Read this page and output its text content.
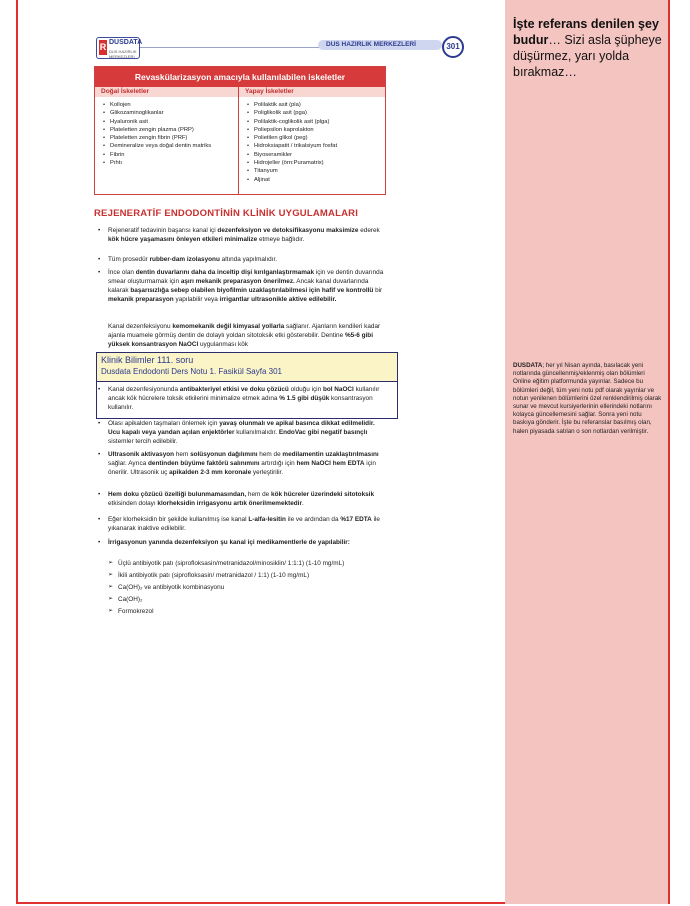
İşte referans denilen şey budur… Sizi asla şüpheye düşürmez, yarı yolda bırakmaz…
DUSDATA; her yıl Nisan ayında, basılacak yeni notlarında güncellenmiş/eklenmiş olan bölümleri Online eğitim platformunda yayınlar. Sadece bu bölümleri değil, tüm yeni notu pdf olarak yayınlar ve notun yenilenen bölümlerini özel renklendirilmiş olarak sunar ve mevcut kursiyerlerinin ellerindeki notlarını kolayca güncellemesini sağlar. Sonra yeni notu baskıya gönderir. İşte bu referanslar basılmış olan, halen piyasada satılan o son notlardan verilmiştir.
R DUSDATA
DUS HAZIRLIK MERKEZLERİ
DUS HAZIRLIK MERKEZLERİ	301
Revaskülarizasyon amacıyla kullanılabilen iskeletler
Doğal İskeletler	Yapay İskeletler
• Kollojen
• Glikozaminoglikanlar
• Hyaluronik asit
• Plateletten zengin plazma (PRP)
• Plateletten zengin fibrin (PRF)
• Demineralize veya doğal dentin matriks
• Fibrin
• Pıhtı
• Polilaktik asit (pla)
• Poliglikolik asit (pga)
• Polilaktik-coglikolik asit (plga)
• Poliepsilon kaprolakton
• Polietilen glikol (peg)
• Hidroksiapatit / trikalsiyum fosfat
• Biyoseramikler
• Hidrojeller (örn:Puramatrix)
• Titanyum
• Aljinat
REJENERATİF ENDODONTİNİN KLİNİK UYGULAMALARI
• Rejeneratif tedavinin başarısı kanal içi dezenfeksiyon ve detoksifikasyonu maksimize ederek kök hücre yaşamasını önleyen etkileri minimalize etmeye bağlıdır.
• Tüm prosedür rubber-dam izolasyonu altında yapılmalıdır.
• İnce olan dentin duvarlarını daha da inceltip dişi kırılganlaştırmamak için ve dentin duvarında smear oluşturmamak için aşırı mekanik preparasyon önerilmez. Ancak kanal duvarlarında kalarak başarısızlığa sebep olabilen biyofilmin uzaklaştırılabilmesi için hafif ve kontrollü bir mekanik preparasyon yapılabilir veya irrigantlar ultrasonikle aktive edilebilir.
• Kanal dezenfeksiyonu kemomekanik değil kimyasal yollarla sağlanır. Ajanların kendileri kadar ajanla muamele görmüş dentin de dolaylı yoldan sitotoksik etki gösterebilir. Dentine %5-6 gibi yüksek konsantrasyon NaOCl uygulanması kök
Klinik Bilimler 111. soru
Dusdata Endodonti Ders Notu 1. Fasikül Sayfa 301
• Kanal dezenfesiyonunda antibakteriyel etkisi ve doku çözücü olduğu için bol NaOCl kullanılır ancak kök hücrelere toksik etkilerini minimalize etmek adına % 1.5 gibi düşük konsantrasyon kullanılır.
• Olası apikalden taşmaları önlemek için yavaş olunmalı ve apikal basınca dikkat edilmelidir. Ucu kapalı veya yandan açılan enjektörler kullanılmalıdır. EndoVac gibi negatif basınçlı sistemler tercih edilebilir.
• Ultrasonik aktivasyon hem solüsyonun dağılımını hem de medilamentin uzaklaştırılmasını sağlar. Ayrıca dentinden büyüme faktörü salınımını artırdığı için hem NaOCl hem EDTA için önerilir. Ultrasonik uç apikalden 2-3 mm koronale yerleştirilir.
• Hem doku çözücü özelliği bulunmamasından, hem de kök hücreler üzerindeki sitotoksik etkisinden dolayı klorheksidin irrigasyonu artık önerilmemektedir.
• Eğer klorheksidin bir şekilde kullanılmış ise kanal L-alfa-lesitin ile ve ardından da %17 EDTA ile yıkanarak inaktive edilebilir.
• İrrigasyonun yanında dezenfeksiyon şu kanal içi medikamentlerle de yapılabilir:
➢ Üçlü antibiyotik patı (siprofloksasin/metranidazol/minosiklin/ 1:1:1) (1-10 mg/mL)
➢ İkili antibiyotik patı (siprofloksasin/ metranidazol / 1:1) (1-10 mg/mL)
➢ Ca(OH)₂ ve antibiyotik kombinasyonu
➢ Ca(OH)₂
➢ Formokrezol
